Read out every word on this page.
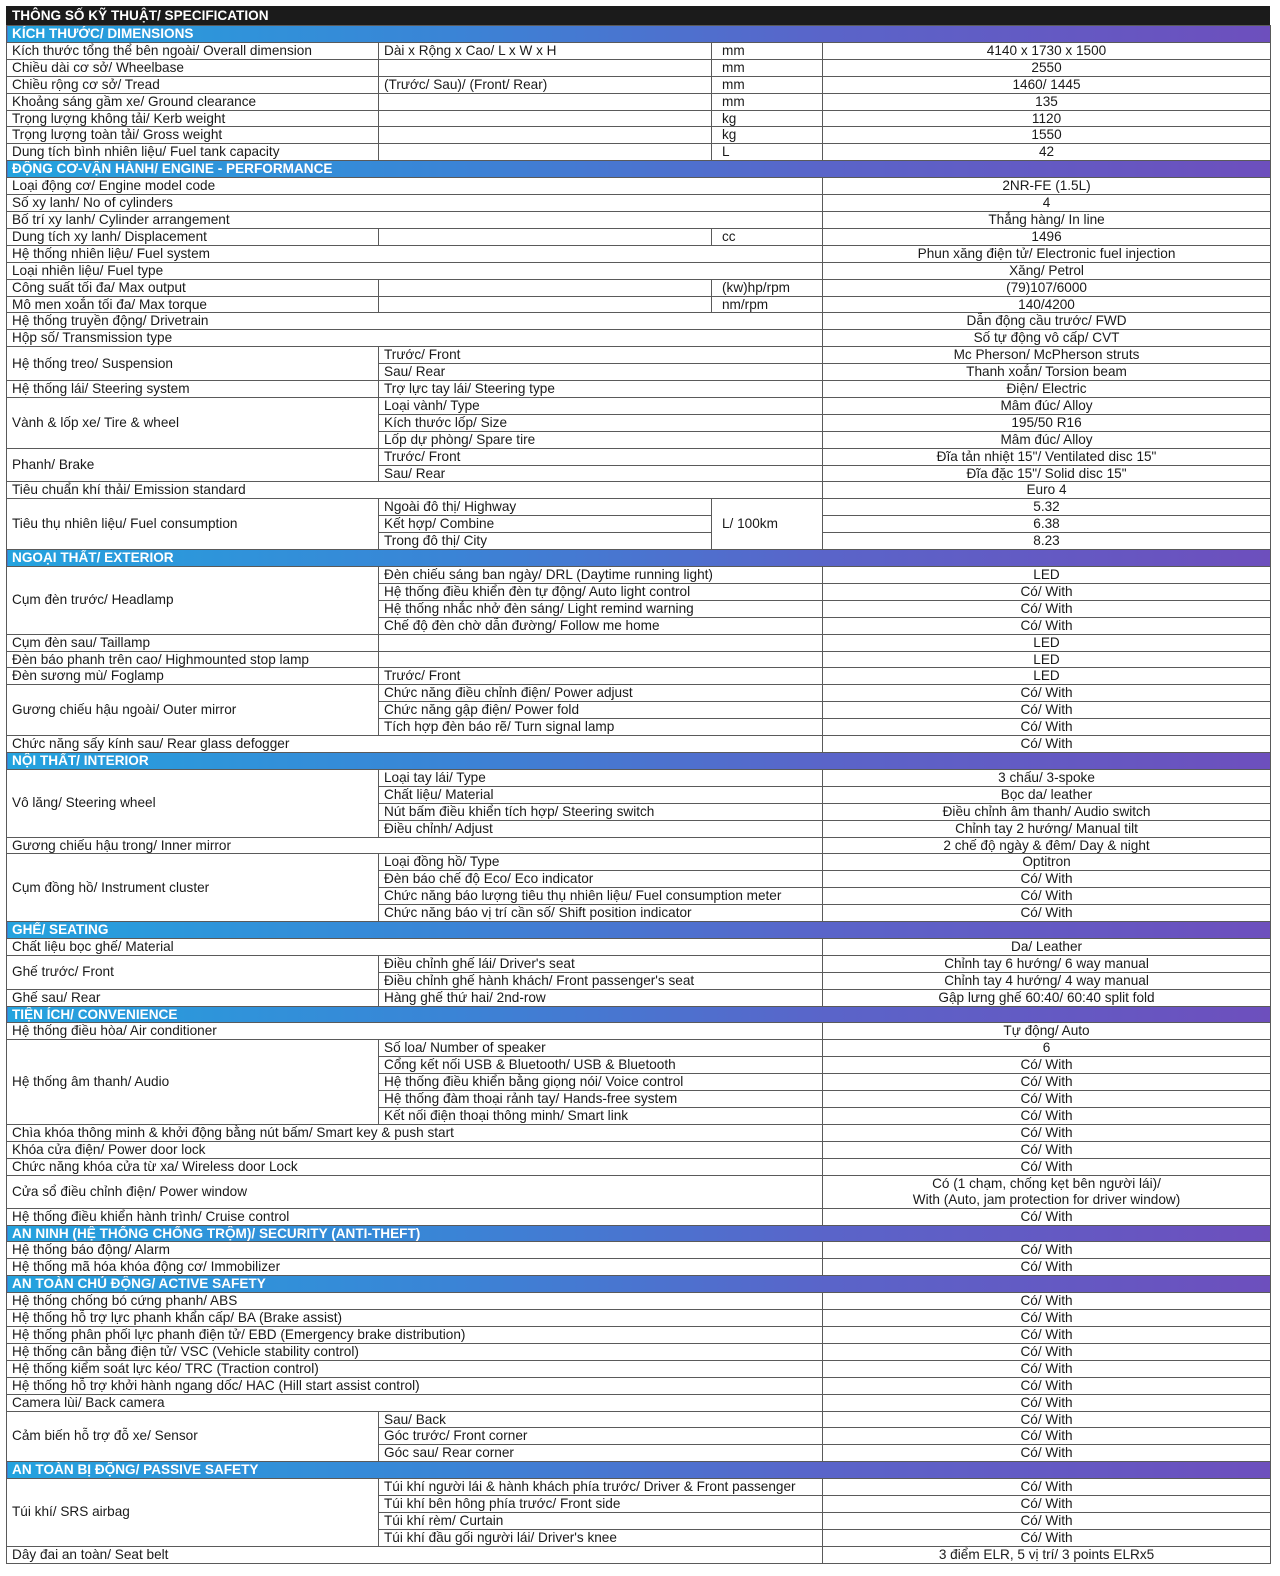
THÔNG SỐ KỸ THUẬT/ SPECIFICATION
KÍCH THƯỚC/ DIMENSIONS			
Kích thước tổng thể bên ngoài/ Overall dimension	Dài x Rộng x Cao/ L x W x H	mm	4140 x 1730 x 1500
Chiều dài cơ sở/ Wheelbase		mm	2550
Chiều rộng cơ sở/ Tread	(Trước/ Sau)/ (Front/ Rear)	mm	1460/ 1445
Khoảng sáng gầm xe/ Ground clearance		mm	135
Trọng lượng không tải/ Kerb weight		kg	1120
Trọng lượng toàn tải/ Gross weight		kg	1550
Dung tích bình nhiên liệu/ Fuel tank capacity		L	42
ĐỘNG CƠ-VẬN HÀNH/ ENGINE - PERFORMANCE			
Loại động cơ/ Engine model code			2NR-FE (1.5L)
Số xy lanh/ No of cylinders			4
Bố trí xy lanh/ Cylinder arrangement			Thẳng hàng/ In line
Dung tích xy lanh/ Displacement		cc	1496
Hệ thống nhiên liệu/ Fuel system			Phun xăng điện tử/ Electronic fuel injection
Loại nhiên liệu/ Fuel type			Xăng/ Petrol
Công suất tối đa/ Max output		(kw)hp/rpm	(79)107/6000
Mô men xoắn tối đa/ Max torque		nm/rpm	140/4200
Hệ thống truyền động/ Drivetrain			Dẫn động cầu trước/ FWD
Hộp số/ Transmission type			Số tự động vô cấp/ CVT
Hệ thống treo/ Suspension	Trước/ Front		Mc Pherson/ McPherson struts
	Sau/ Rear		Thanh xoắn/ Torsion beam
Hệ thống lái/ Steering system	Trợ lực tay lái/ Steering type		Điện/ Electric
Vành & lốp xe/ Tire & wheel	Loại vành/ Type		Mâm đúc/ Alloy
	Kích thước lốp/ Size		195/50 R16
	Lốp dự phòng/ Spare tire		Mâm đúc/ Alloy
Phanh/ Brake	Trước/ Front		Đĩa tản nhiệt 15"/ Ventilated disc 15"
	Sau/ Rear		Đĩa đặc 15"/ Solid disc 15"
Tiêu chuẩn khí thải/ Emission standard			Euro 4
Tiêu thụ nhiên liệu/ Fuel consumption	Ngoài đô thị/ Highway	L/ 100km	5.32
	Kết hợp/ Combine		6.38
	Trong đô thị/ City		8.23
NGOẠI THẤT/ EXTERIOR			
Cụm đèn trước/ Headlamp	Đèn chiếu sáng ban ngày/ DRL (Daytime running light)		LED
	Hệ thống điều khiển đèn tự động/ Auto light control		Có/ With
	Hệ thống nhắc nhở đèn sáng/ Light remind warning		Có/ With
	Chế độ đèn chờ dẫn đường/ Follow me home		Có/ With
Cụm đèn sau/ Taillamp			LED
Đèn báo phanh trên cao/ Highmounted stop lamp			LED
Đèn sương mù/ Foglamp	Trước/ Front		LED
Gương chiếu hậu ngoài/ Outer mirror	Chức năng điều chỉnh điện/ Power adjust		Có/ With
	Chức năng gập điện/ Power fold		Có/ With
	Tích hợp đèn báo rẽ/ Turn signal lamp		Có/ With
Chức năng sấy kính sau/ Rear glass defogger			Có/ With
NỘI THẤT/ INTERIOR			
Vô lăng/ Steering wheel	Loại tay lái/ Type		3 chấu/ 3-spoke
	Chất liệu/ Material		Bọc da/ leather
	Nút bấm điều khiển tích hợp/ Steering switch		Điều chỉnh âm thanh/ Audio switch
	Điều chỉnh/ Adjust		Chỉnh tay 2 hướng/ Manual tilt
Gương chiếu hậu trong/ Inner mirror			2 chế độ ngày & đêm/ Day & night
Cụm đồng hồ/ Instrument cluster	Loại đồng hồ/ Type		Optitron
	Đèn báo chế độ Eco/ Eco indicator		Có/ With
	Chức năng báo lượng tiêu thụ nhiên liệu/ Fuel consumption meter		Có/ With
	Chức năng báo vị trí cần số/ Shift position indicator		Có/ With
GHẾ/ SEATING			
Chất liệu bọc ghế/ Material			Da/ Leather
Ghế trước/ Front	Điều chỉnh ghế lái/ Driver's seat		Chỉnh tay 6 hướng/ 6 way manual
	Điều chỉnh ghế hành khách/ Front passenger's seat		Chỉnh tay 4 hướng/ 4 way manual
Ghế sau/ Rear	Hàng ghế thứ hai/ 2nd-row		Gập lưng ghế 60:40/ 60:40 split fold
TIỆN ÍCH/ CONVENIENCE			
Hệ thống điều hòa/ Air conditioner			Tự động/ Auto
Hệ thống âm thanh/ Audio	Số loa/ Number of speaker		6
	Cổng kết nối USB & Bluetooth/ USB & Bluetooth		Có/ With
	Hệ thống điều khiển bằng giọng nói/ Voice control		Có/ With
	Hệ thống đàm thoại rảnh tay/ Hands-free system		Có/ With
	Kết nối điện thoại thông minh/ Smart link		Có/ With
Chìa khóa thông minh & khởi động bằng nút bấm/ Smart key & push start			Có/ With
Khóa cửa điện/ Power door lock			Có/ With
Chức năng khóa cửa từ xa/ Wireless door Lock			Có/ With
Cửa sổ điều chỉnh điện/ Power window			Có (1 chạm, chống kẹt bên người lái)/
With (Auto, jam protection for driver window)

Hệ thống điều khiển hành trình/ Cruise control			Có/ With
AN NINH (HỆ THỐNG CHỐNG TRỘM)/ SECURITY (ANTI-THEFT)			
Hệ thống báo động/ Alarm			Có/ With
Hệ thống mã hóa khóa động cơ/ Immobilizer			Có/ With
AN TOÀN CHỦ ĐỘNG/ ACTIVE SAFETY			
Hệ thống chống bó cứng phanh/ ABS			Có/ With
Hệ thống hỗ trợ lực phanh khẩn cấp/ BA (Brake assist)			Có/ With
Hệ thống phân phối lực phanh điện tử/ EBD (Emergency brake distribution)			Có/ With
Hệ thống cân bằng điện tử/ VSC (Vehicle stability control)			Có/ With
Hệ thống kiểm soát lực kéo/ TRC (Traction control)			Có/ With
Hệ thống hỗ trợ khởi hành ngang dốc/ HAC (Hill start assist control)			Có/ With
Camera lùi/ Back camera			Có/ With
Cảm biến hỗ trợ đỗ xe/ Sensor	Sau/ Back		Có/ With
	Góc trước/ Front corner		Có/ With
	Góc sau/ Rear corner		Có/ With
AN TOÀN BỊ ĐỘNG/ PASSIVE SAFETY			
Túi khí/ SRS airbag	Túi khí người lái & hành khách phía trước/ Driver & Front passenger		Có/ With
	Túi khí bên hông phía trước/ Front side		Có/ With
	Túi khí rèm/ Curtain		Có/ With
	Túi khí đầu gối người lái/ Driver's knee		Có/ With
Dây đai an toàn/ Seat belt			3 điểm ELR, 5 vị trí/ 3 points ELRx5
